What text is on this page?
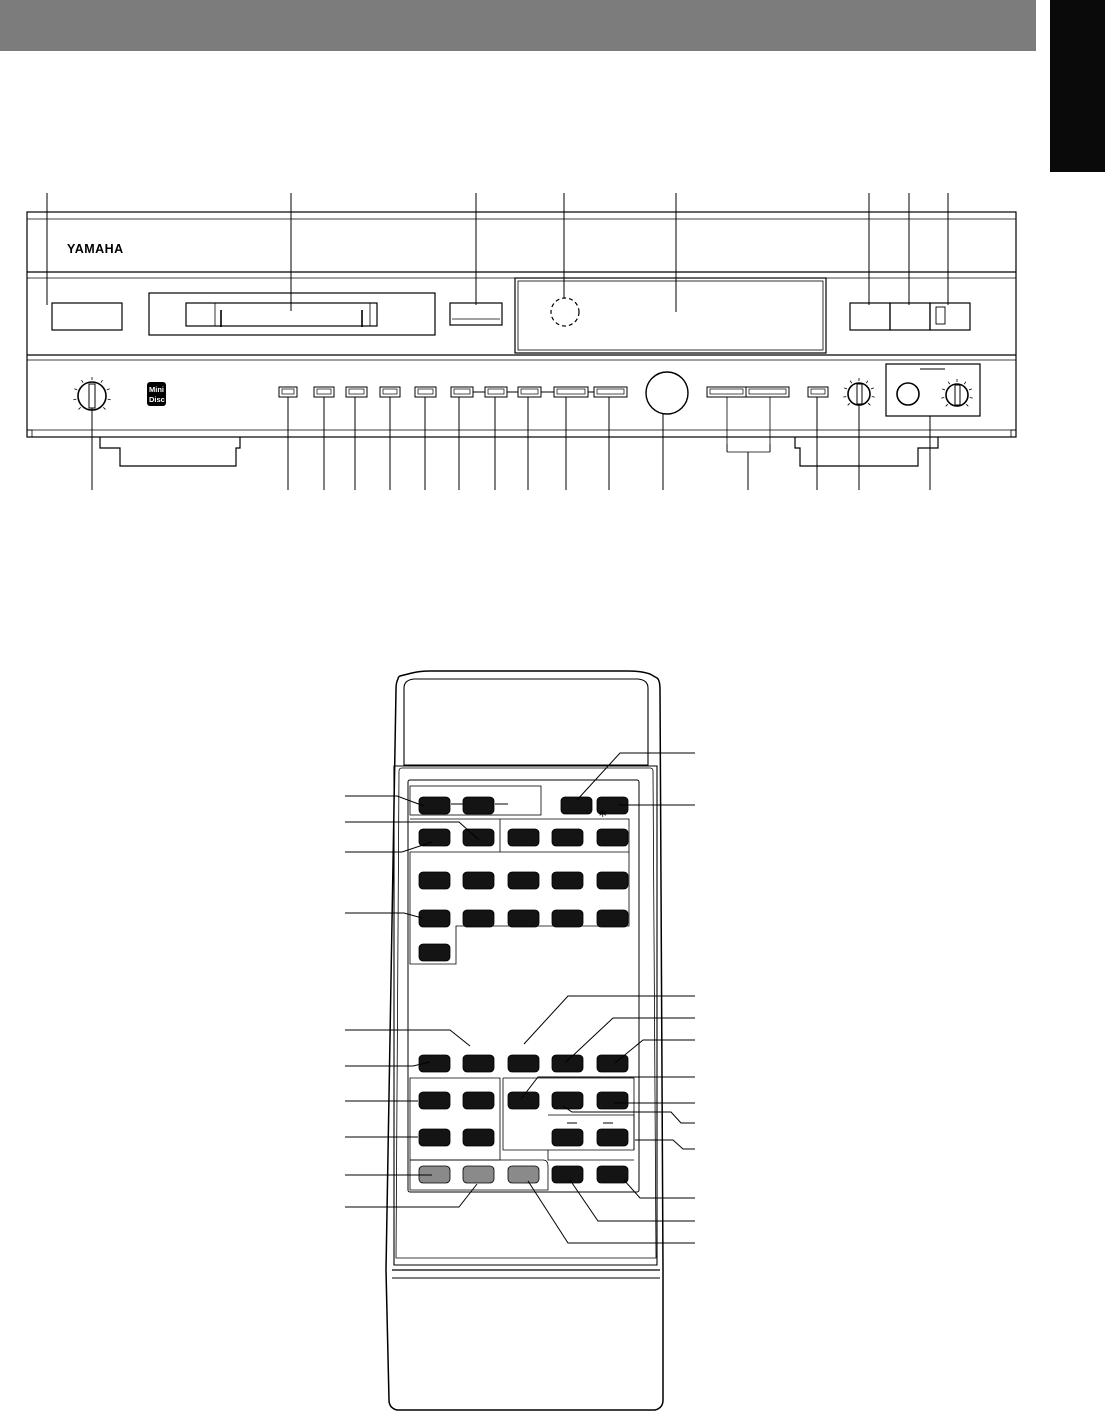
YAMAHA
Mini
Disc
*
